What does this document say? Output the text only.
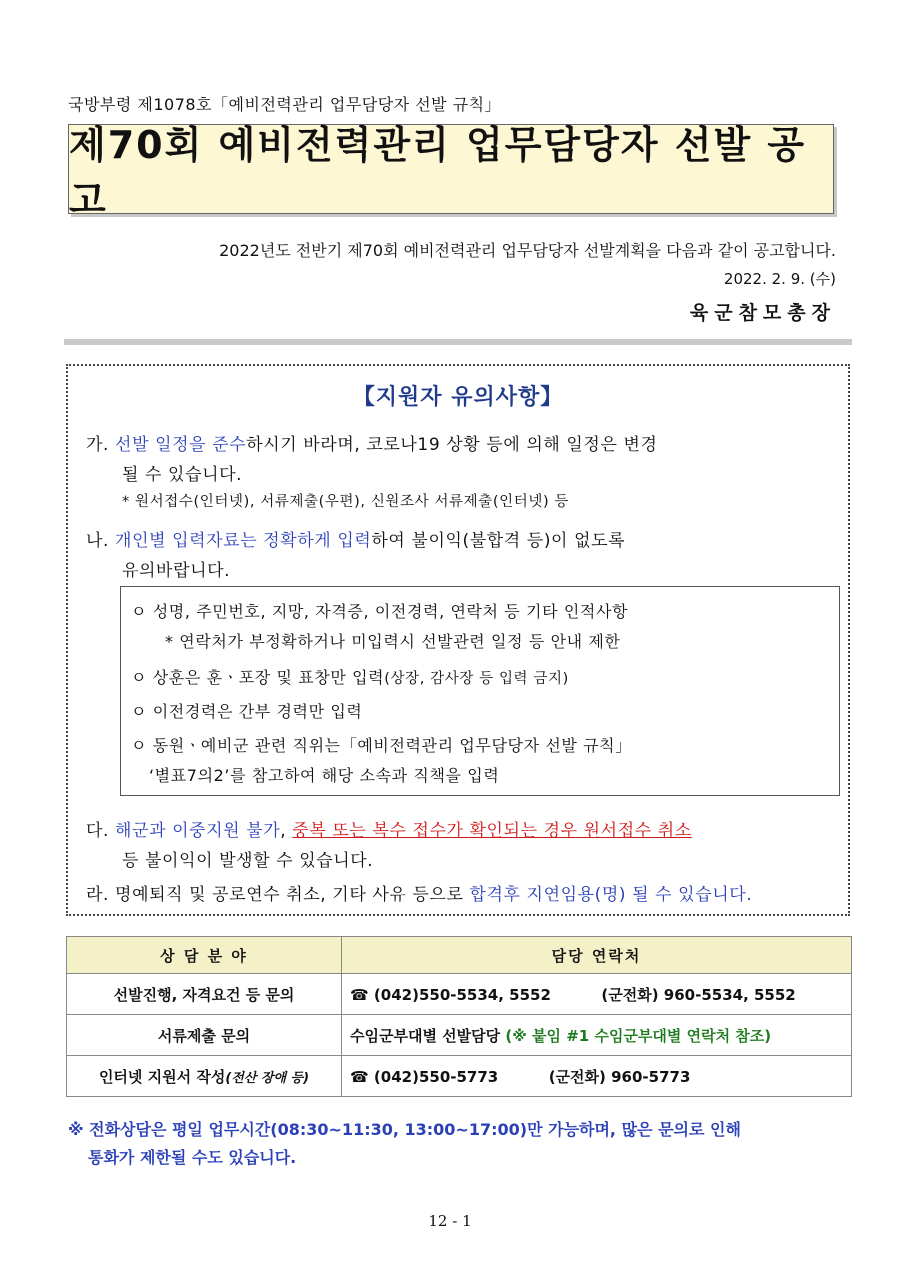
국방부령 제1078호「예비전력관리 업무담당자 선발 규칙」
제70회 예비전력관리 업무담당자 선발 공고
2022년도 전반기 제70회 예비전력관리 업무담당자 선발계획을 다음과 같이 공고합니다.
2022. 2. 9. (수)
육군참모총장
【지원자 유의사항】
가. 선발 일정을 준수하시기 바라며, 코로나19 상황 등에 의해 일정은 변경
될 수 있습니다.
* 원서접수(인터넷), 서류제출(우편), 신원조사 서류제출(인터넷) 등
나. 개인별 입력자료는 정확하게 입력하여 불이익(불합격 등)이 없도록
유의바랍니다.
ㅇ 성명, 주민번호, 지망, 자격증, 이전경력, 연락처 등 기타 인적사항
* 연락처가 부정확하거나 미입력시 선발관련 일정 등 안내 제한
ㅇ 상훈은 훈ㆍ포장 및 표창만 입력(상장, 감사장 등 입력 금지)
ㅇ 이전경력은 간부 경력만 입력
ㅇ 동원ㆍ예비군 관련 직위는「예비전력관리 업무담당자 선발 규칙」
‘별표7의2’를 참고하여 해당 소속과 직책을 입력
다. 해군과 이중지원 불가, 중복 또는 복수 접수가 확인되는 경우 원서접수 취소
등 불이익이 발생할 수 있습니다.
라. 명예퇴직 및 공로연수 취소, 기타 사유 등으로 합격후 지연임용(명) 될 수 있습니다.
상 담 분 야	담당 연락처
선발진행, 자격요건 등 문의	☎ (042)550-5534, 5552 (군전화) 960-5534, 5552
서류제출 문의	수임군부대별 선발담당 (※ 붙임 #1 수임군부대별 연락처 참조)
인터넷 지원서 작성(전산 장애 등)	☎ (042)550-5773 (군전화) 960-5773
※ 전화상담은 평일 업무시간(08:30~11:30, 13:00~17:00)만 가능하며, 많은 문의로 인해
통화가 제한될 수도 있습니다.
12 - 1
